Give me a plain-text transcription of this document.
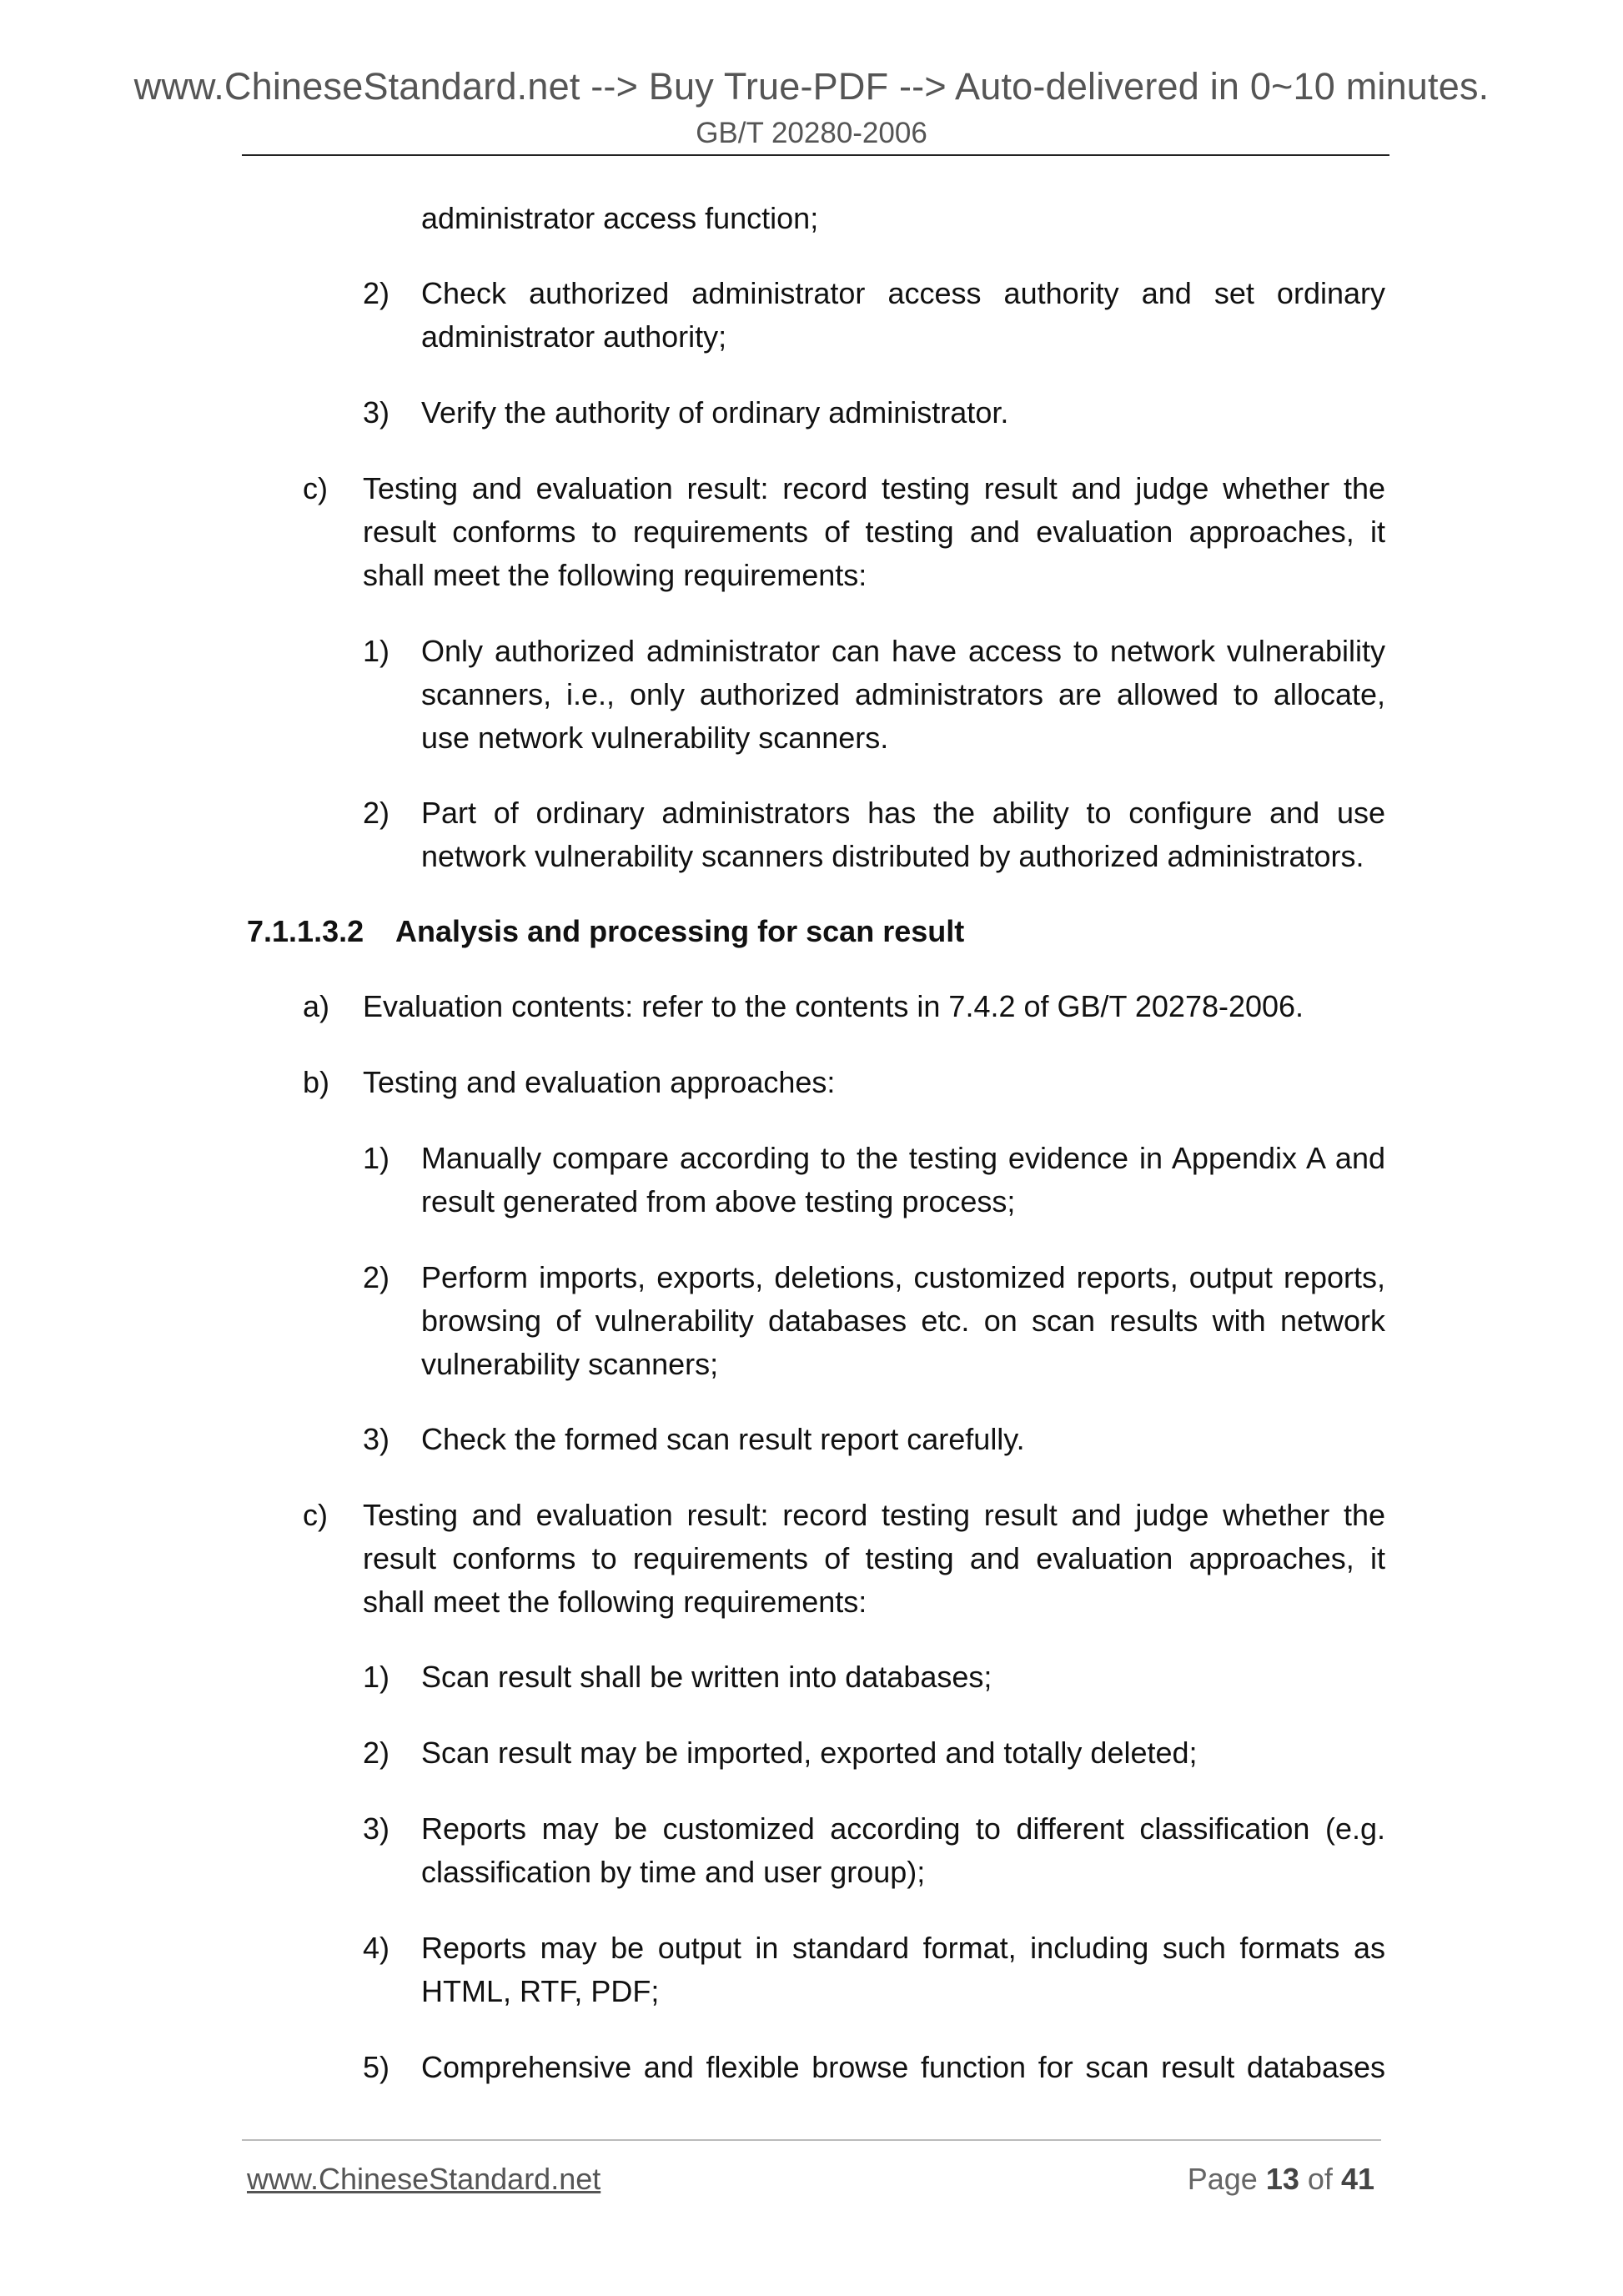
www.ChineseStandard.net --> Buy True-PDF --> Auto-delivered in 0~10 minutes.
GB/T 20280-2006
administrator access function;
2) Check authorized administrator access authority and set ordinary administrator authority;
3) Verify the authority of ordinary administrator.
c) Testing and evaluation result: record testing result and judge whether the result conforms to requirements of testing and evaluation approaches, it shall meet the following requirements:
1) Only authorized administrator can have access to network vulnerability scanners, i.e., only authorized administrators are allowed to allocate, use network vulnerability scanners.
2) Part of ordinary administrators has the ability to configure and use network vulnerability scanners distributed by authorized administrators.
7.1.1.3.2 Analysis and processing for scan result
a) Evaluation contents: refer to the contents in 7.4.2 of GB/T 20278-2006.
b) Testing and evaluation approaches:
1) Manually compare according to the testing evidence in Appendix A and result generated from above testing process;
2) Perform imports, exports, deletions, customized reports, output reports, browsing of vulnerability databases etc. on scan results with network vulnerability scanners;
3) Check the formed scan result report carefully.
c) Testing and evaluation result: record testing result and judge whether the result conforms to requirements of testing and evaluation approaches, it shall meet the following requirements:
1) Scan result shall be written into databases;
2) Scan result may be imported, exported and totally deleted;
3) Reports may be customized according to different classification (e.g. classification by time and user group);
4) Reports may be output in standard format, including such formats as HTML, RTF, PDF;
5) Comprehensive and flexible browse function for scan result databases
www.ChineseStandard.net	Page 13 of 41
